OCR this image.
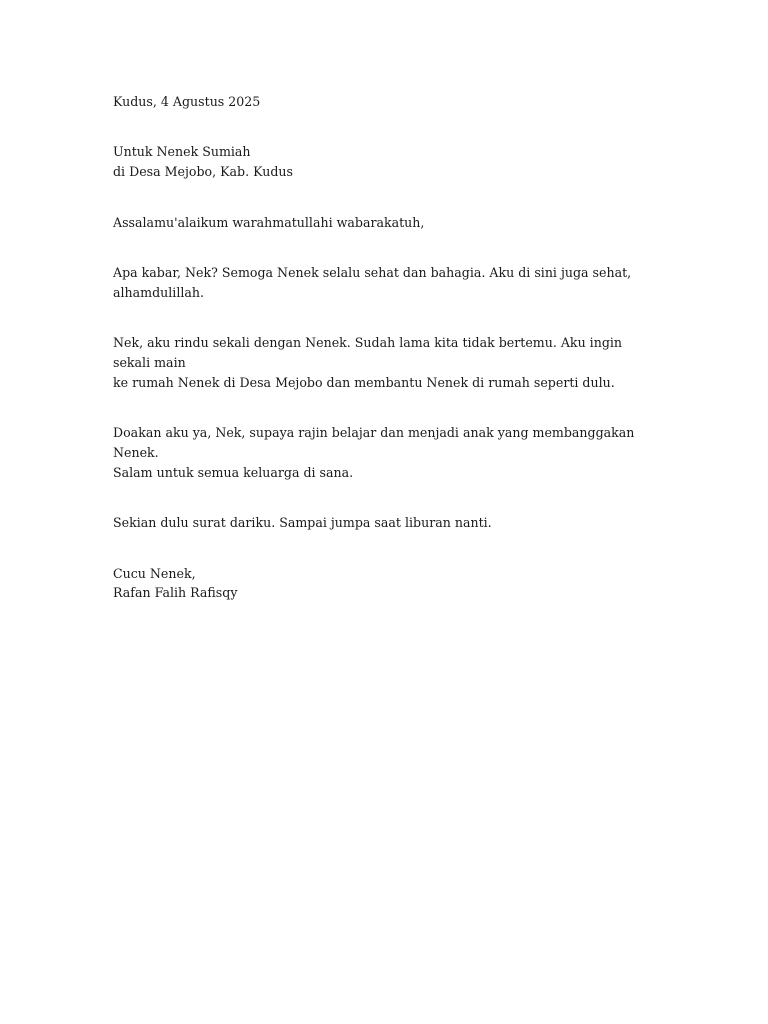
Kudus, 4 Agustus 2025

Untuk Nenek Sumiah

di Desa Mejobo, Kab. Kudus

Assalamu'alaikum warahmatullahi wabarakatuh,

Apa kabar, Nek? Semoga Nenek selalu sehat dan bahagia. Aku di sini juga sehat,

alhamdulillah.

Nek, aku rindu sekali dengan Nenek. Sudah lama kita tidak bertemu. Aku ingin sekali main

ke rumah Nenek di Desa Mejobo dan membantu Nenek di rumah seperti dulu.

Doakan aku ya, Nek, supaya rajin belajar dan menjadi anak yang membanggakan Nenek.

Salam untuk semua keluarga di sana.

Sekian dulu surat dariku. Sampai jumpa saat liburan nanti.

Cucu Nenek,

Rafan Falih Rafisqy
